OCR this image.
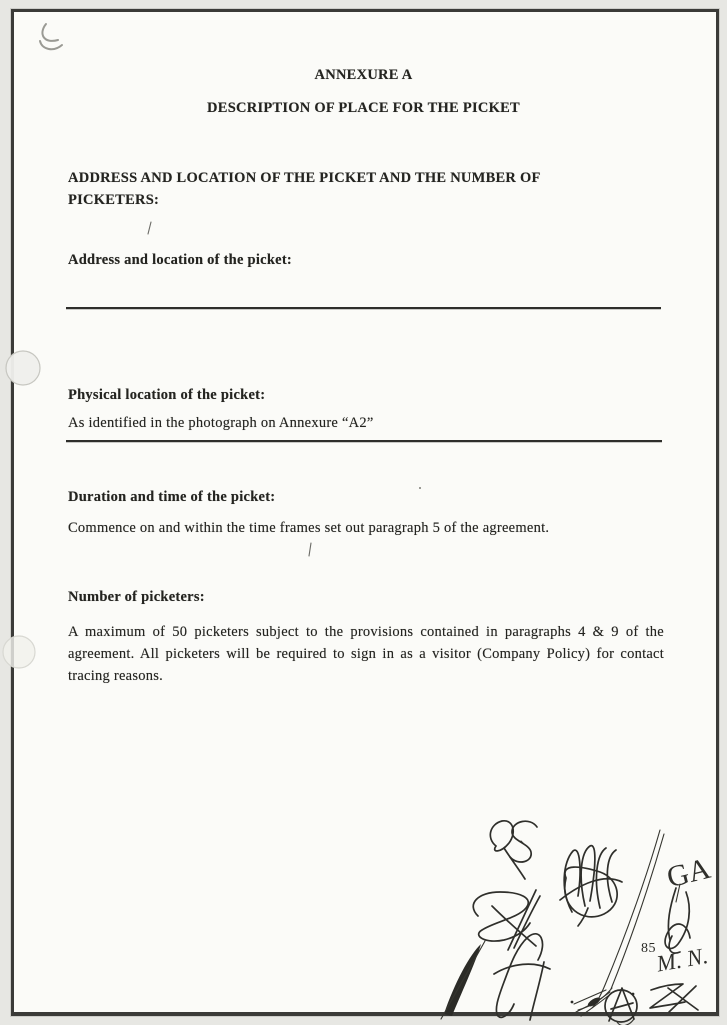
ANNEXURE A
DESCRIPTION OF PLACE FOR THE PICKET
ADDRESS AND LOCATION OF THE PICKET AND THE NUMBER OF PICKETERS:
Address and location of the picket:
Physical location of the picket:
As identified in the photograph on Annexure “A2”
Duration and time of the picket:
Commence on and within the time frames set out paragraph 5 of the agreement.
Number of picketers:
A maximum of 50 picketers subject to the provisions contained in paragraphs 4 & 9 of the agreement. All picketers will be required to sign in as a visitor (Company Policy) for contact tracing reasons.
85
GA
M. N.
